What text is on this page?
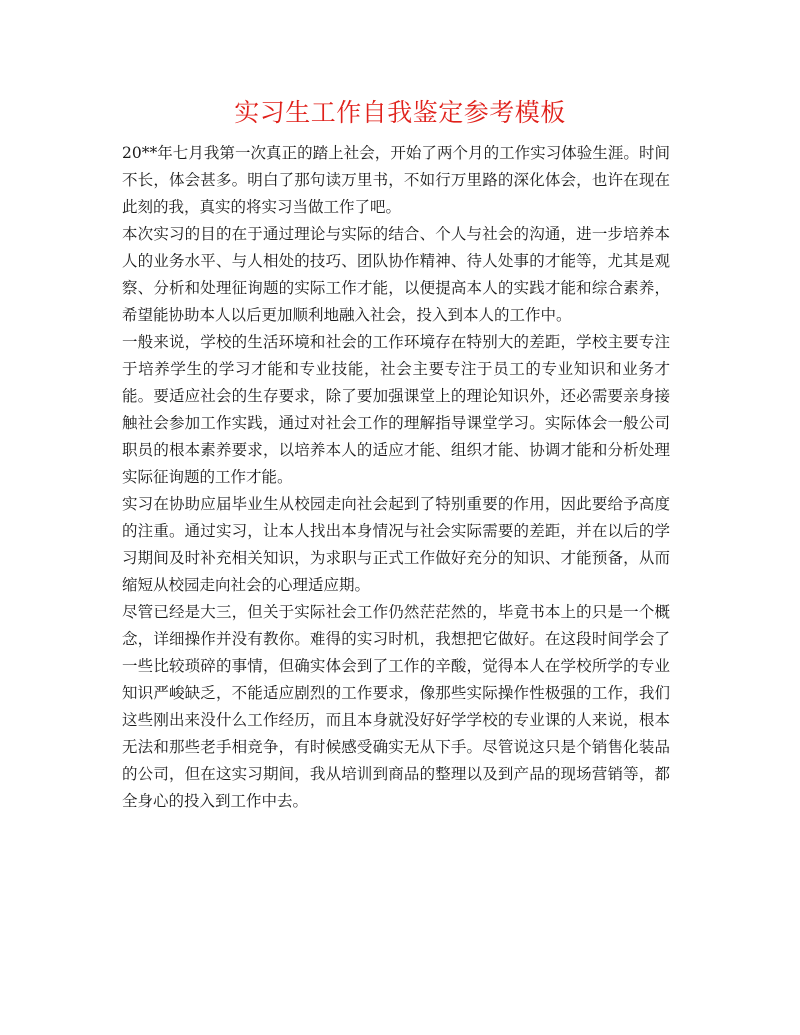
实习生工作自我鉴定参考模板

20**年七月我第一次真正的踏上社会，开始了两个月的工作实习体验生涯。时间不长，体会甚多。明白了那句读万里书，不如行万里路的深化体会，也许在现在此刻的我，真实的将实习当做工作了吧。

本次实习的目的在于通过理论与实际的结合、个人与社会的沟通，进一步培养本人的业务水平、与人相处的技巧、团队协作精神、待人处事的才能等，尤其是观察、分析和处理征询题的实际工作才能，以便提高本人的实践才能和综合素养，希望能协助本人以后更加顺利地融入社会，投入到本人的工作中。

一般来说，学校的生活环境和社会的工作环境存在特别大的差距，学校主要专注于培养学生的学习才能和专业技能，社会主要专注于员工的专业知识和业务才能。要适应社会的生存要求，除了要加强课堂上的理论知识外，还必需要亲身接触社会参加工作实践，通过对社会工作的理解指导课堂学习。实际体会一般公司职员的根本素养要求，以培养本人的适应才能、组织才能、协调才能和分析处理实际征询题的工作才能。

实习在协助应届毕业生从校园走向社会起到了特别重要的作用，因此要给予高度的注重。通过实习，让本人找出本身情况与社会实际需要的差距，并在以后的学习期间及时补充相关知识，为求职与正式工作做好充分的知识、才能预备，从而缩短从校园走向社会的心理适应期。

尽管已经是大三，但关于实际社会工作仍然茫茫然的，毕竟书本上的只是一个概念，详细操作并没有教你。难得的实习时机，我想把它做好。在这段时间学会了一些比较琐碎的事情，但确实体会到了工作的辛酸，觉得本人在学校所学的专业知识严峻缺乏，不能适应剧烈的工作要求，像那些实际操作性极强的工作，我们这些刚出来没什么工作经历，而且本身就没好好学学校的专业课的人来说，根本无法和那些老手相竞争，有时候感受确实无从下手。尽管说这只是个销售化装品的公司，但在这实习期间，我从培训到商品的整理以及到产品的现场营销等，都全身心的投入到工作中去。
